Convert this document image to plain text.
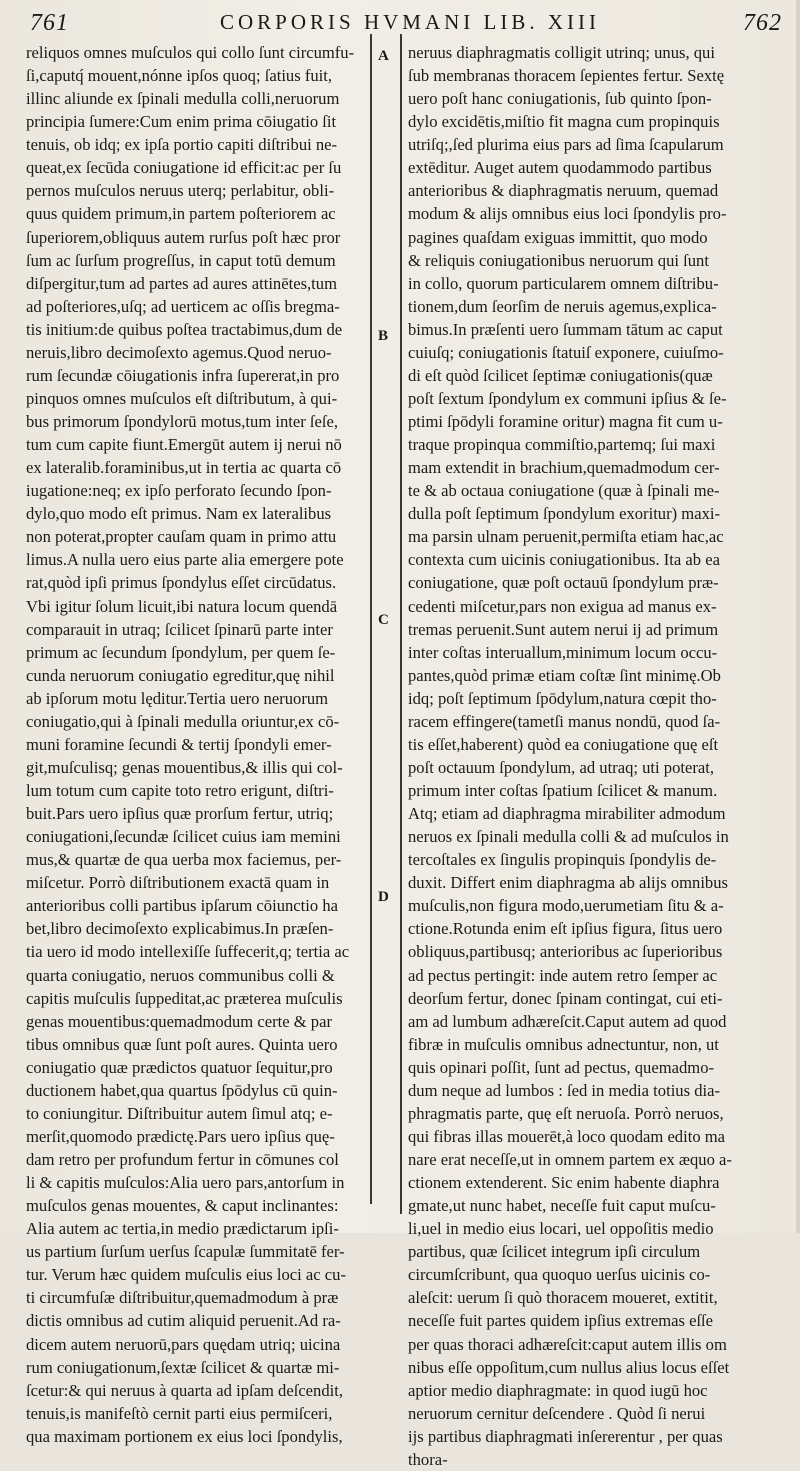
761	CORPORIS HVMANI LIB. XIII	762
A
B
C
D
reliquos omnes muſculos qui collo ſunt circumfu-
ſi,caputq́ mouent,nónne ipſos quoq; ſatius fuit,
illinc aliunde ex ſpinali medulla colli,neruorum
principia ſumere:Cum enim prima cōiugatio ſit
tenuis, ob idq; ex ipſa portio capiti diſtribui ne-
queat,ex ſecūda coniugatione id efficit:ac per ſu
pernos muſculos neruus uterq; perlabitur, obli-
quus quidem primum,in partem poſteriorem ac
ſuperiorem,obliquus autem rurſus poſt hæc pror
ſum ac ſurſum progreſſus, in caput totū demum
diſpergitur,tum ad partes ad aures attinētes,tum
ad poſteriores,uſq; ad uerticem ac oſſis bregma-
tis initium:de quibus poſtea tractabimus,dum de
neruis,libro decimoſexto agemus.Quod neruo-
rum ſecundæ cōiugationis infra ſupererat,in pro
pinquos omnes muſculos eſt diſtributum, à qui-
bus primorum ſpondylorū motus,tum inter ſeſe,
tum cum capite fiunt.Emergūt autem ij nerui nō
ex lateralib.foraminibus,ut in tertia ac quarta cō
iugatione:neq; ex ipſo perforato ſecundo ſpon-
dylo,quo modo eſt primus. Nam ex lateralibus
non poterat,propter cauſam quam in primo attu
limus.A nulla uero eius parte alia emergere pote
rat,quòd ipſi primus ſpondylus eſſet circūdatus.
Vbi igitur ſolum licuit,ibi natura locum quendā
comparauit in utraq; ſcilicet ſpinarū parte inter
primum ac ſecundum ſpondylum, per quem ſe-
cunda neruorum coniugatio egreditur,quę nihil
ab ipſorum motu lęditur.Tertia uero neruorum
coniugatio,qui à ſpinali medulla oriuntur,ex cō-
muni foramine ſecundi & tertij ſpondyli emer-
git,muſculisq; genas mouentibus,& illis qui col-
lum totum cum capite toto retro erigunt, diſtri-
buit.Pars uero ipſius quæ prorſum fertur, utriq;
coniugationi,ſecundæ ſcilicet cuius iam memini
mus,& quartæ de qua uerba mox faciemus, per-
miſcetur. Porrò diſtributionem exactā quam in
anterioribus colli partibus ipſarum cōiunctio ha
bet,libro decimoſexto explicabimus.In præſen-
tia uero id modo intellexiſſe ſuffecerit,q; tertia ac
quarta coniugatio, neruos communibus colli &
capitis muſculis ſuppeditat,ac præterea muſculis
genas mouentibus:quemadmodum certe & par
tibus omnibus quæ ſunt poſt aures. Quinta uero
coniugatio quæ prædictos quatuor ſequitur,pro
ductionem habet,qua quartus ſpōdylus cū quin-
to coniungitur. Diſtribuitur autem ſimul atq; e-
merſit,quomodo prædictę.Pars uero ipſius quę-
dam retro per profundum fertur in cōmunes col
li & capitis muſculos:Alia uero pars,antorſum in
muſculos genas mouentes, & caput inclinantes:
Alia autem ac tertia,in medio prædictarum ipſi-
us partium ſurſum uerſus ſcapulæ ſummitatē fer-
tur. Verum hæc quidem muſculis eius loci ac cu-
ti circumfuſæ diſtribuitur,quemadmodum à præ
dictis omnibus ad cutim aliquid peruenit.Ad ra-
dicem autem neruorū,pars quędam utriq; uicina
rum coniugationum,ſextæ ſcilicet & quartæ mi-
ſcetur:& qui neruus à quarta ad ipſam deſcendit,
tenuis,is manifeſtò cernit parti eius permiſceri,
qua maximam portionem ex eius loci ſpondylis,
neruus diaphragmatis colligit utrinq; unus, qui
ſub membranas thoracem ſepientes fertur. Sextę
uero poſt hanc coniugationis, ſub quinto ſpon-
dylo excidētis,miſtio fit magna cum propinquis
utriſq;,ſed plurima eius pars ad ſima ſcapularum
extēditur. Auget autem quodammodo partibus
anterioribus & diaphragmatis neruum, quemad
modum & alijs omnibus eius loci ſpondylis pro-
pagines quaſdam exiguas immittit, quo modo
& reliquis coniugationibus neruorum qui ſunt
in collo, quorum particularem omnem diſtribu-
tionem,dum ſeorſim de neruis agemus,explica-
bimus.In præſenti uero ſummam tātum ac caput
cuiuſq; coniugationis ſtatuiſ exponere, cuiuſmo-
di eſt quòd ſcilicet ſeptimæ coniugationis(quæ
poſt ſextum ſpondylum ex communi ipſius & ſe-
ptimi ſpōdyli foramine oritur) magna fit cum u-
traque propinqua commiſtio,partemq; ſui maxi
mam extendit in brachium,quemadmodum cer-
te & ab octaua coniugatione (quæ à ſpinali me-
dulla poſt ſeptimum ſpondylum exoritur) maxi-
ma parsin ulnam peruenit,permiſta etiam hac,ac
contexta cum uicinis coniugationibus. Ita ab ea
coniugatione, quæ poſt octauū ſpondylum præ-
cedenti miſcetur,pars non exigua ad manus ex-
tremas peruenit.Sunt autem nerui ij ad primum
inter coſtas interuallum,minimum locum occu-
pantes,quòd primæ etiam coſtæ ſint minimę.Ob
idq; poſt ſeptimum ſpōdylum,natura cœpit tho-
racem effingere(tametſi manus nondū, quod ſa-
tis eſſet,haberent) quòd ea coniugatione quę eſt
poſt octauum ſpondylum, ad utraq; uti poterat,
primum inter coſtas ſpatium ſcilicet & manum.
Atq; etiam ad diaphragma mirabiliter admodum
neruos ex ſpinali medulla colli & ad muſculos in
tercoſtales ex ſingulis propinquis ſpondylis de-
duxit. Differt enim diaphragma ab alijs omnibus
muſculis,non figura modo,uerumetiam ſitu & a-
ctione.Rotunda enim eſt ipſius figura, ſitus uero
obliquus,partibusq; anterioribus ac ſuperioribus
ad pectus pertingit: inde autem retro ſemper ac
deorſum fertur, donec ſpinam contingat, cui eti-
am ad lumbum adhæreſcit.Caput autem ad quod
fibræ in muſculis omnibus adnectuntur, non, ut
quis opinari poſſit, ſunt ad pectus, quemadmo-
dum neque ad lumbos : ſed in media totius dia-
phragmatis parte, quę eſt neruoſa. Porrò neruos,
qui fibras illas mouerēt,à loco quodam edito ma
nare erat neceſſe,ut in omnem partem ex æquo a-
ctionem extenderent. Sic enim habente diaphra
gmate,ut nunc habet, neceſſe fuit caput muſcu-
li,uel in medio eius locari, uel oppoſitis medio
partibus, quæ ſcilicet integrum ipſi circulum
circumſcribunt, qua quoquo uerſus uicinis co-
aleſcit: uerum ſi quò thoracem moueret, extitit,
neceſſe fuit partes quidem ipſius extremas eſſe
per quas thoraci adhæreſcit:caput autem illis om
nibus eſſe oppoſitum,cum nullus alius locus eſſet
aptior medio diaphragmate: in quod iugū hoc
neruorum cernitur deſcendere . Quòd ſi nerui
ijs partibus diaphragmati inſererentur , per quas
thora-
